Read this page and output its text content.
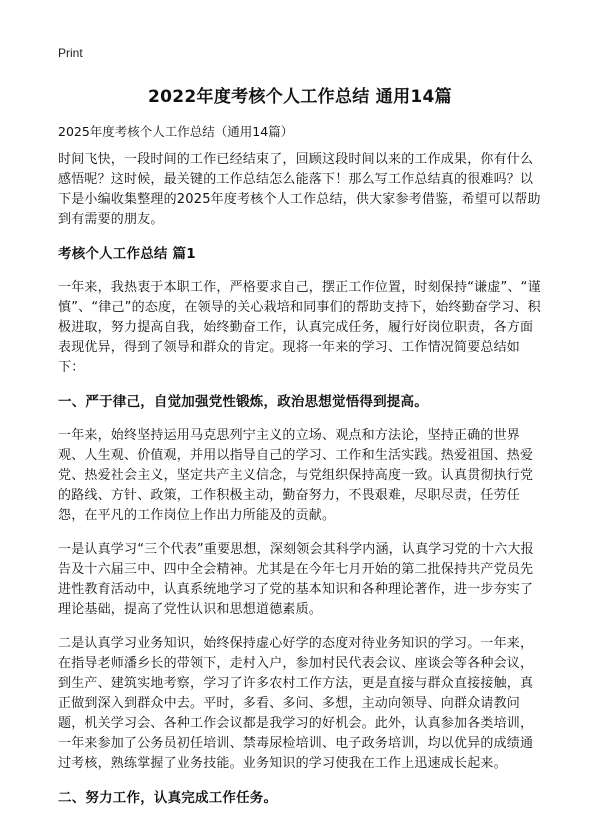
Print
2022年度考核个人工作总结 通用14篇
2025年度考核个人工作总结（通用14篇）

时间飞快，一段时间的工作已经结束了，回顾这段时间以来的工作成果，你有什么感悟呢？这时候，最关键的工作总结怎么能落下！那么写工作总结真的很难吗？以下是小编收集整理的2025年度考核个人工作总结，供大家参考借鉴，希望可以帮助到有需要的朋友。

考核个人工作总结 篇1

一年来，我热衷于本职工作，严格要求自己，摆正工作位置，时刻保持“谦虚”、“谨慎”、“律己”的态度，在领导的关心栽培和同事们的帮助支持下，始终勤奋学习、积极进取，努力提高自我，始终勤奋工作，认真完成任务，履行好岗位职责，各方面表现优异，得到了领导和群众的肯定。现将一年来的学习、工作情况简要总结如下：

一、严于律己，自觉加强党性锻炼，政治思想觉悟得到提高。

一年来，始终坚持运用马克思列宁主义的立场、观点和方法论，坚持正确的世界观、人生观、价值观，并用以指导自己的学习、工作和生活实践。热爱祖国、热爱党、热爱社会主义，坚定共产主义信念，与党组织保持高度一致。认真贯彻执行党的路线、方针、政策，工作积极主动，勤奋努力，不畏艰难，尽职尽责，任劳任怨，在平凡的工作岗位上作出力所能及的贡献。

一是认真学习“三个代表”重要思想，深刻领会其科学内涵，认真学习党的十六大报告及十六届三中、四中全会精神。尤其是在今年七月开始的第二批保持共产党员先进性教育活动中，认真系统地学习了党的基本知识和各种理论著作，进一步夯实了理论基础，提高了党性认识和思想道德素质。

二是认真学习业务知识，始终保持虚心好学的态度对待业务知识的学习。一年来，在指导老师潘乡长的带领下，走村入户，参加村民代表会议、座谈会等各种会议，到生产、建筑实地考察，学习了许多农村工作方法，更是直接与群众直接接触，真正做到深入到群众中去。平时，多看、多问、多想，主动向领导、向群众请教问题，机关学习会、各种工作会议都是我学习的好机会。此外，认真参加各类培训，一年来参加了公务员初任培训、禁毒尿检培训、电子政务培训，均以优异的成绩通过考核，熟练掌握了业务技能。业务知识的学习使我在工作上迅速成长起来。

二、努力工作，认真完成工作任务。
